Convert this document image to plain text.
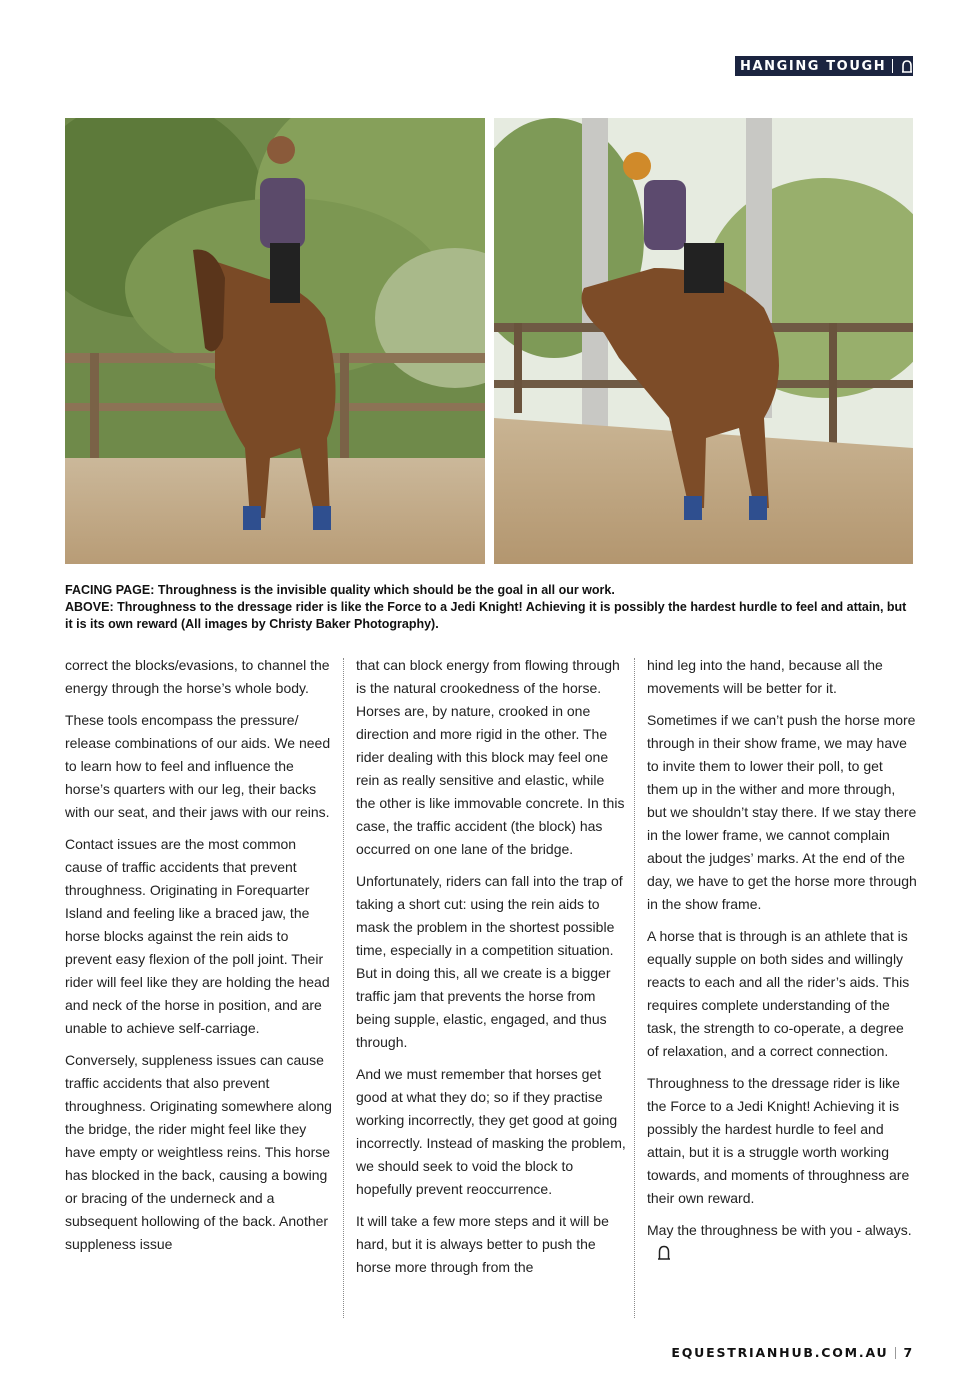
HANGING TOUGH

FACING PAGE: Throughness is the invisible quality which should be the goal in all our work.

ABOVE: Throughness to the dressage rider is like the Force to a Jedi Knight! Achieving it is possibly the hardest hurdle to feel and attain, but it is its own reward (All images by Christy Baker Photography).

correct the blocks/evasions, to channel the energy through the horse’s whole body.

These tools encompass the pressure/ release combinations of our aids. We need to learn how to feel and influence the horse’s quarters with our leg, their backs with our seat, and their jaws with our reins.

Contact issues are the most common cause of traffic accidents that prevent throughness. Originating in Forequarter Island and feeling like a braced jaw, the horse blocks against the rein aids to prevent easy flexion of the poll joint. Their rider will feel like they are holding the head and neck of the horse in position, and are unable to achieve self-carriage.

Conversely, suppleness issues can cause traffic accidents that also prevent throughness. Originating somewhere along the bridge, the rider might feel like they have empty or weightless reins. This horse has blocked in the back, causing a bowing or bracing of the underneck and a subsequent hollowing of the back. Another suppleness issue

that can block energy from flowing through is the natural crookedness of the horse. Horses are, by nature, crooked in one direction and more rigid in the other. The rider dealing with this block may feel one rein as really sensitive and elastic, while the other is like immovable concrete. In this case, the traffic accident (the block) has occurred on one lane of the bridge.

Unfortunately, riders can fall into the trap of taking a short cut: using the rein aids to mask the problem in the shortest possible time, especially in a competition situation. But in doing this, all we create is a bigger traffic jam that prevents the horse from being supple, elastic, engaged, and thus through.

And we must remember that horses get good at what they do; so if they practise working incorrectly, they get good at going incorrectly. Instead of masking the problem, we should seek to void the block to hopefully prevent reoccurrence.

It will take a few more steps and it will be hard, but it is always better to push the horse more through from the

hind leg into the hand, because all the movements will be better for it.

Sometimes if we can’t push the horse more through in their show frame, we may have to invite them to lower their poll, to get them up in the wither and more through, but we shouldn’t stay there. If we stay there in the lower frame, we cannot complain about the judges’ marks. At the end of the day, we have to get the horse more through in the show frame.

A horse that is through is an athlete that is equally supple on both sides and willingly reacts to each and all the rider’s aids. This requires complete understanding of the task, the strength to co-operate, a degree of relaxation, and a correct connection.

Throughness to the dressage rider is like the Force to a Jedi Knight! Achieving it is possibly the hardest hurdle to feel and attain, but it is a struggle worth working towards, and moments of throughness are their own reward.

May the throughness be with you - always.

EQUESTRIANHUB.COM.AU 7
